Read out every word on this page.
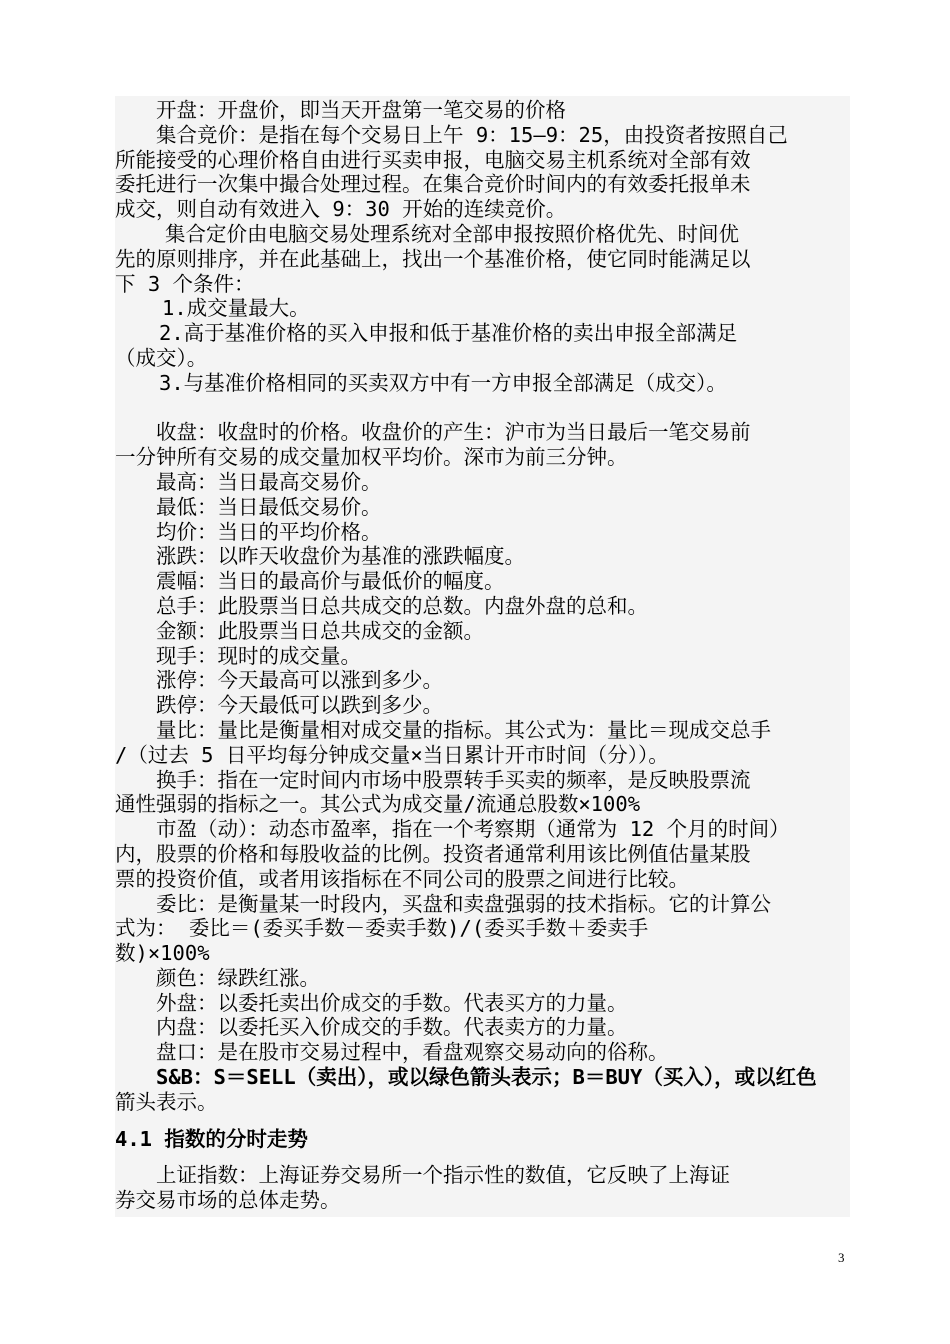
开盘：开盘价，即当天开盘第一笔交易的价格
集合竞价：是指在每个交易日上午 9：15—9：25，由投资者按照自己
所能接受的心理价格自由进行买卖申报，电脑交易主机系统对全部有效
委托进行一次集中撮合处理过程。在集合竞价时间内的有效委托报单未
成交，则自动有效进入 9：30 开始的连续竞价。
集合定价由电脑交易处理系统对全部申报按照价格优先、时间优
先的原则排序，并在此基础上，找出一个基准价格，使它同时能满足以
下 3 个条件：
1.成交量最大。
2.高于基准价格的买入申报和低于基准价格的卖出申报全部满足
（成交）。
3.与基准价格相同的买卖双方中有一方申报全部满足（成交）。
收盘：收盘时的价格。收盘价的产生：沪市为当日最后一笔交易前
一分钟所有交易的成交量加权平均价。深市为前三分钟。
最高：当日最高交易价。
最低：当日最低交易价。
均价：当日的平均价格。
涨跌：以昨天收盘价为基准的涨跌幅度。
震幅：当日的最高价与最低价的幅度。
总手：此股票当日总共成交的总数。内盘外盘的总和。
金额：此股票当日总共成交的金额。
现手：现时的成交量。
涨停：今天最高可以涨到多少。
跌停：今天最低可以跌到多少。
量比：量比是衡量相对成交量的指标。其公式为：量比＝现成交总手
/（过去 5 日平均每分钟成交量×当日累计开市时间（分））。
换手：指在一定时间内市场中股票转手买卖的频率，是反映股票流
通性强弱的指标之一。其公式为成交量/流通总股数×100%
市盈（动）：动态市盈率，指在一个考察期（通常为 12 个月的时间）
内，股票的价格和每股收益的比例。投资者通常利用该比例值估量某股
票的投资价值，或者用该指标在不同公司的股票之间进行比较。
委比：是衡量某一时段内，买盘和卖盘强弱的技术指标。它的计算公
式为： 委比＝(委买手数－委卖手数)/(委买手数＋委卖手
数)×100%
颜色：绿跌红涨。
外盘：以委托卖出价成交的手数。代表买方的力量。
内盘：以委托买入价成交的手数。代表卖方的力量。
盘口：是在股市交易过程中，看盘观察交易动向的俗称。
S&B：S＝SELL（卖出），或以绿色箭头表示；B＝BUY（买入），或以红色
箭头表示。
4.1 指数的分时走势
上证指数：上海证券交易所一个指示性的数值，它反映了上海证
券交易市场的总体走势。
3
